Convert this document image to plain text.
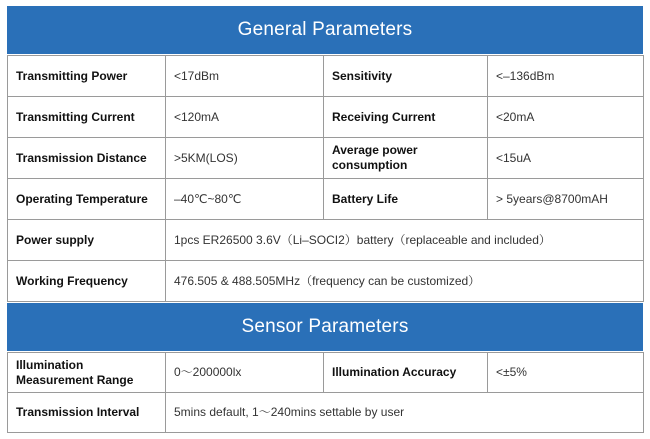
General Parameters
Transmitting Power	<17dBm	Sensitivity	<–136dBm
Transmitting Current	<120mA	Receiving Current	<20mA
Transmission Distance	>5KM(LOS)	Average power consumption	<15uA
Operating Temperature	–40℃~80℃	Battery Life	> 5years@8700mAH
Power supply	1pcs ER26500 3.6V（Li–SOCI2）battery（replaceable and included）		
Working Frequency	476.505 & 488.505MHz（frequency can be customized）		
Sensor Parameters
Illumination Measurement Range	0～200000lx	Illumination Accuracy	<±5%
Transmission Interval	5mins default, 1～240mins settable by user		
